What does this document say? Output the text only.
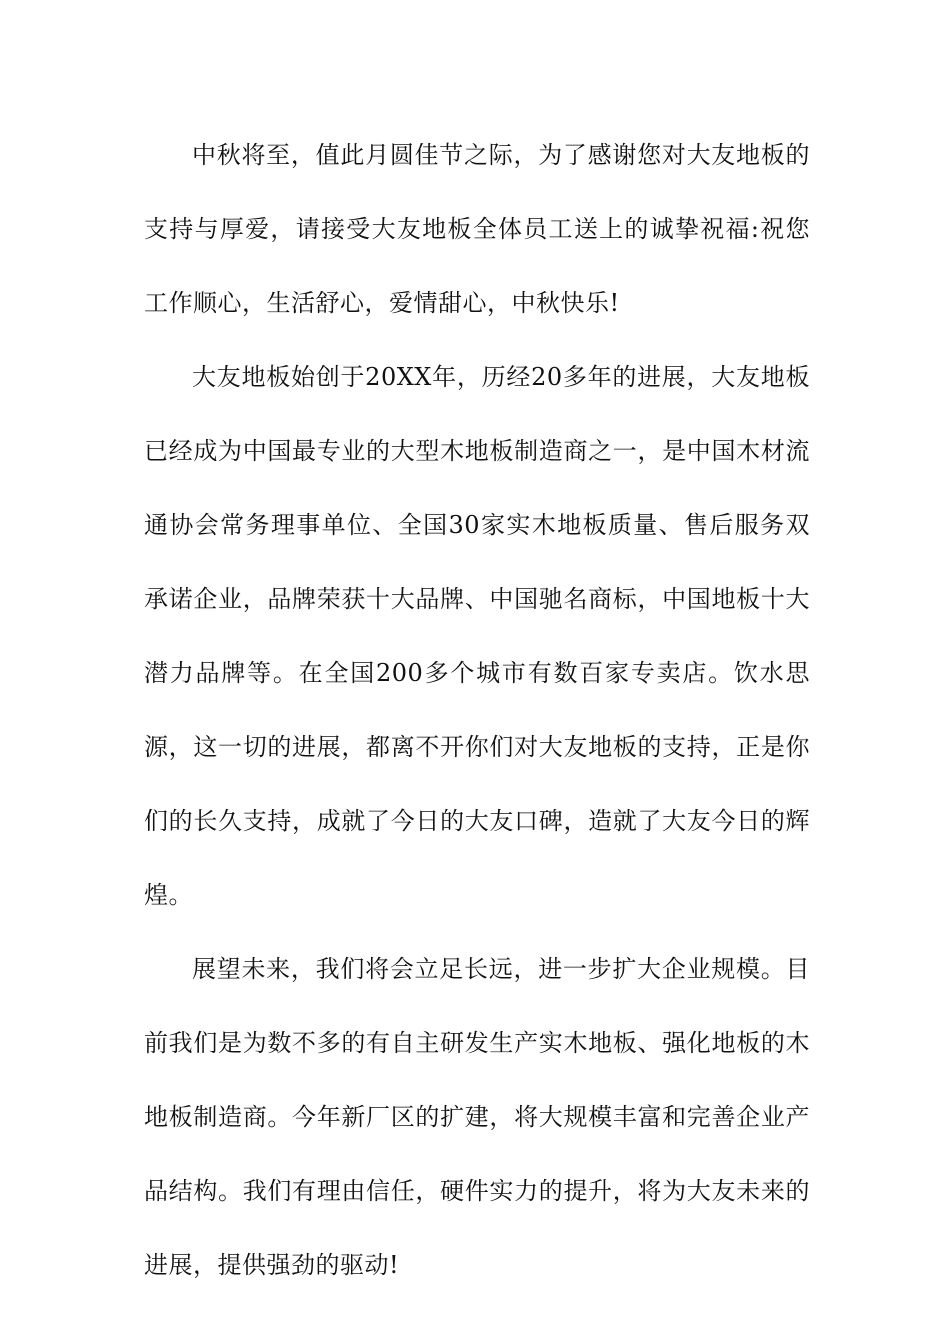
中秋将至，值此月圆佳节之际，为了感谢您对大友地板的支持与厚爱，请接受大友地板全体员工送上的诚挚祝福:祝您工作顺心，生活舒心，爱情甜心，中秋快乐!

大友地板始创于20XX年，历经20多年的进展，大友地板已经成为中国最专业的大型木地板制造商之一，是中国木材流通协会常务理事单位、全国30家实木地板质量、售后服务双承诺企业，品牌荣获十大品牌、中国驰名商标，中国地板十大潜力品牌等。在全国200多个城市有数百家专卖店。饮水思源，这一切的进展，都离不开你们对大友地板的支持，正是你们的长久支持，成就了今日的大友口碑，造就了大友今日的辉煌。

展望未来，我们将会立足长远，进一步扩大企业规模。目前我们是为数不多的有自主研发生产实木地板、强化地板的木地板制造商。今年新厂区的扩建，将大规模丰富和完善企业产品结构。我们有理由信任，硬件实力的提升，将为大友未来的进展，提供强劲的驱动!
